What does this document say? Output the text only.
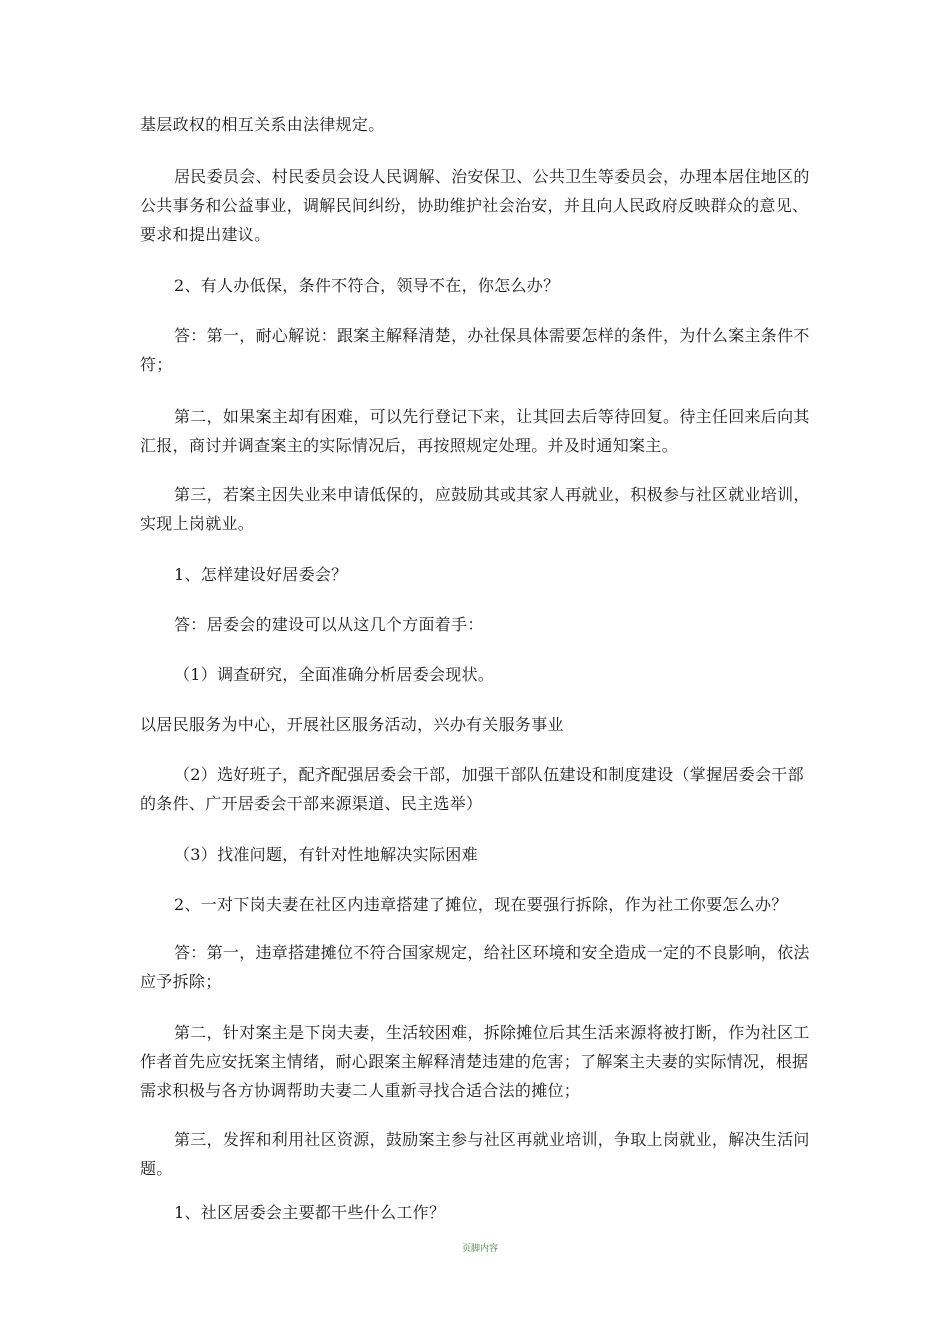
基层政权的相互关系由法律规定。

居民委员会、村民委员会设人民调解、治安保卫、公共卫生等委员会，办理本居住地区的公共事务和公益事业，调解民间纠纷，协助维护社会治安，并且向人民政府反映群众的意见、要求和提出建议。

2、有人办低保，条件不符合，领导不在，你怎么办？

答：第一，耐心解说：跟案主解释清楚，办社保具体需要怎样的条件，为什么案主条件不符；

第二，如果案主却有困难，可以先行登记下来，让其回去后等待回复。待主任回来后向其汇报，商讨并调查案主的实际情况后，再按照规定处理。并及时通知案主。

第三，若案主因失业来申请低保的，应鼓励其或其家人再就业，积极参与社区就业培训，实现上岗就业。

1、怎样建设好居委会？

答：居委会的建设可以从这几个方面着手：

（1）调查研究，全面准确分析居委会现状。

以居民服务为中心，开展社区服务活动，兴办有关服务事业

（2）选好班子，配齐配强居委会干部，加强干部队伍建设和制度建设（掌握居委会干部的条件、广开居委会干部来源渠道、民主选举）

（3）找准问题，有针对性地解决实际困难

2、一对下岗夫妻在社区内违章搭建了摊位，现在要强行拆除，作为社工你要怎么办？

答：第一，违章搭建摊位不符合国家规定，给社区环境和安全造成一定的不良影响，依法应予拆除；

第二，针对案主是下岗夫妻，生活较困难，拆除摊位后其生活来源将被打断，作为社区工作者首先应安抚案主情绪，耐心跟案主解释清楚违建的危害；了解案主夫妻的实际情况，根据需求积极与各方协调帮助夫妻二人重新寻找合适合法的摊位；

第三，发挥和利用社区资源，鼓励案主参与社区再就业培训，争取上岗就业，解决生活问题。

1、社区居委会主要都干些什么工作？

页脚内容
